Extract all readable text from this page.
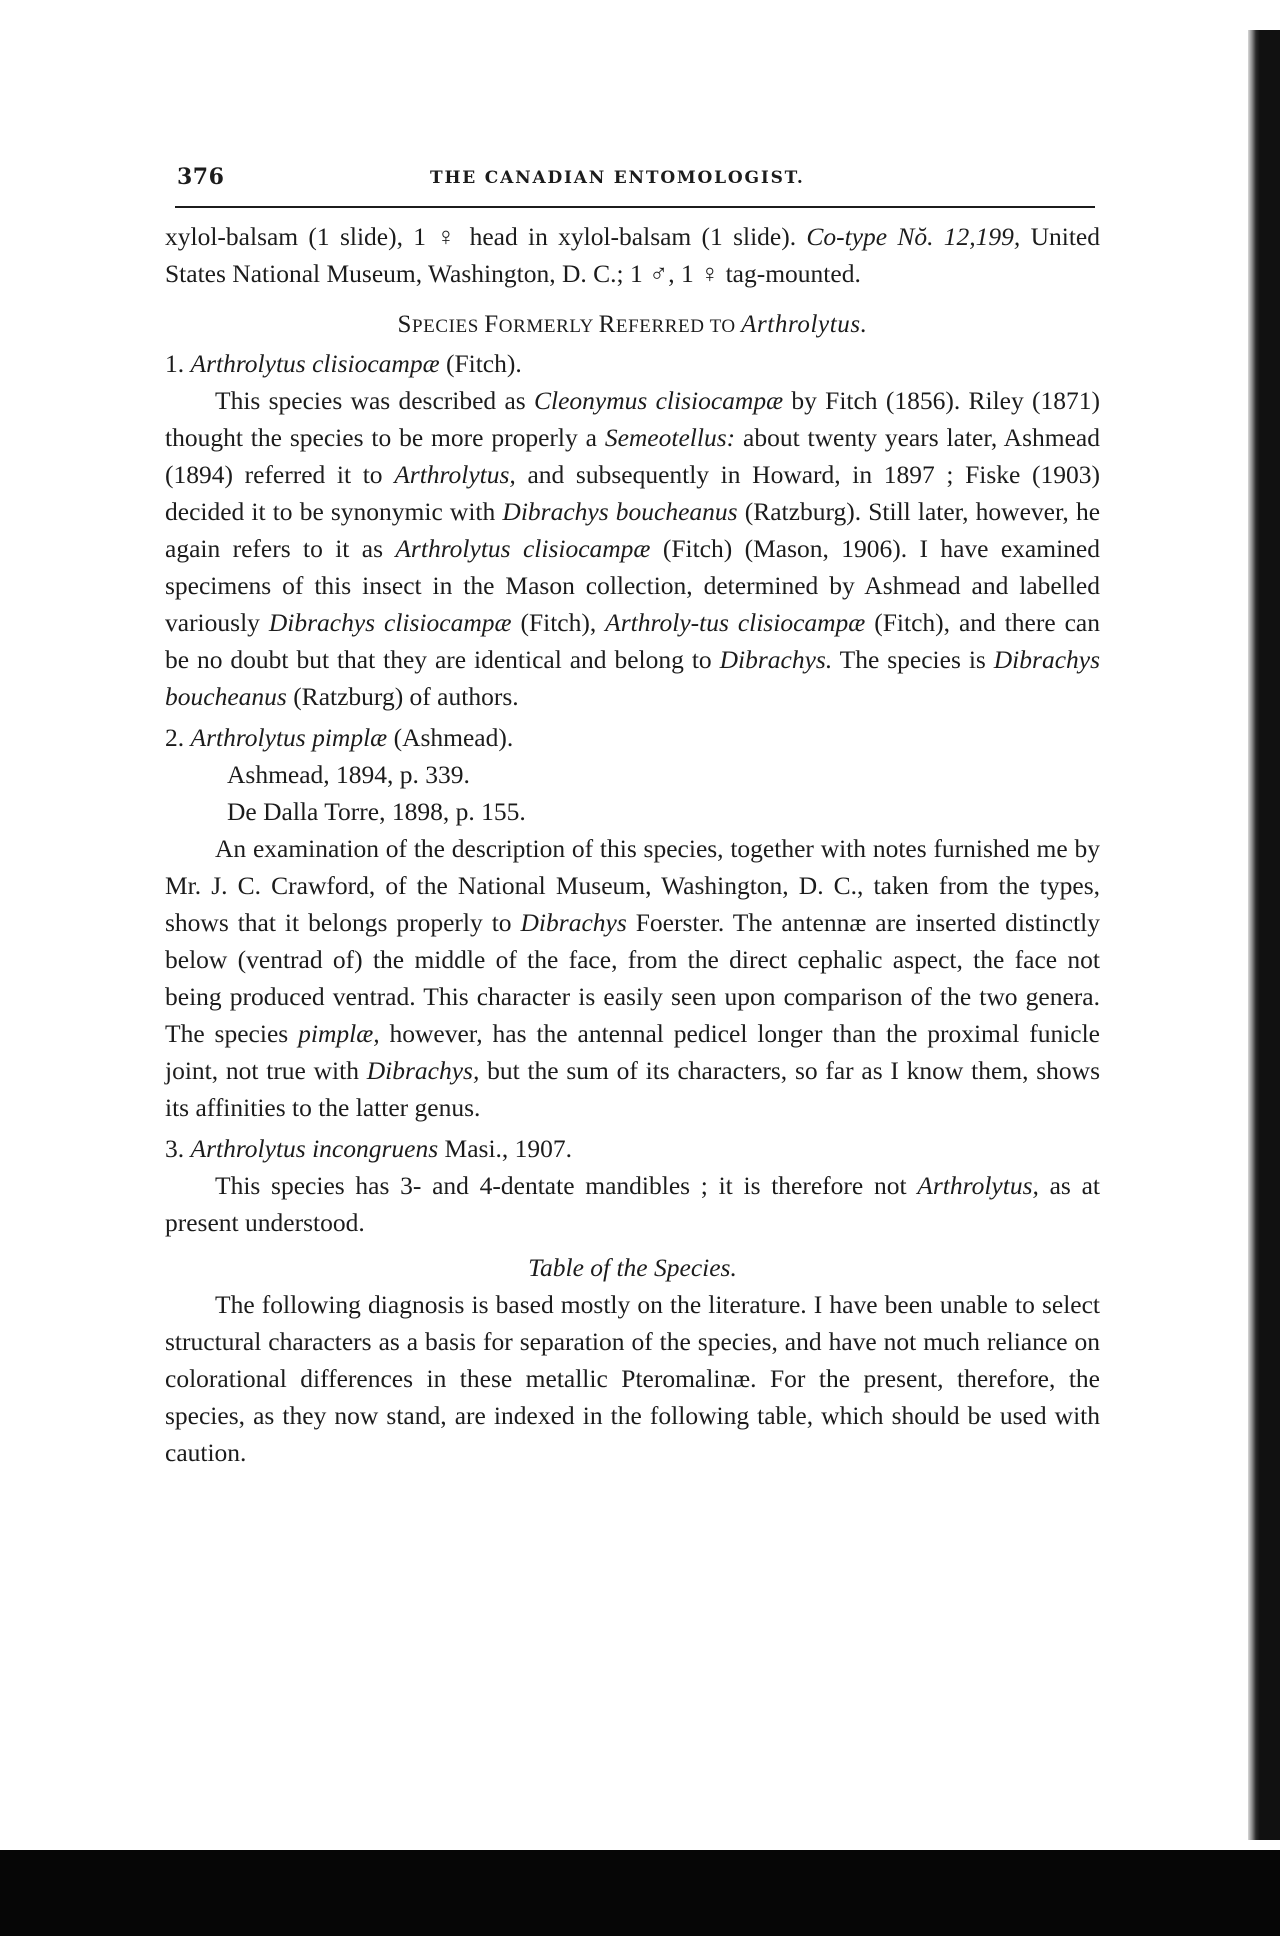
376	THE CANADIAN ENTOMOLOGIST.

xylol-balsam (1 slide), 1 ♀ head in xylol-balsam (1 slide). Co-type Nŏ. 12,199, United States National Museum, Washington, D. C.; 1 ♂, 1 ♀ tag-mounted.

SPECIES FORMERLY REFERRED TO Arthrolytus.

1. Arthrolytus clisiocampæ (Fitch).

This species was described as Cleonymus clisiocampæ by Fitch (1856). Riley (1871) thought the species to be more properly a Semeotellus: about twenty years later, Ashmead (1894) referred it to Arthrolytus, and subsequently in Howard, in 1897 ; Fiske (1903) decided it to be synonymic with Dibrachys boucheanus (Ratzburg). Still later, however, he again refers to it as Arthrolytus clisiocampæ (Fitch) (Mason, 1906). I have examined specimens of this insect in the Mason collection, determined by Ashmead and labelled variously Dibrachys clisiocampæ (Fitch), Arthroly-tus clisiocampæ (Fitch), and there can be no doubt but that they are identical and belong to Dibrachys. The species is Dibrachys boucheanus (Ratzburg) of authors.

2. Arthrolytus pimplæ (Ashmead).

Ashmead, 1894, p. 339.

De Dalla Torre, 1898, p. 155.

An examination of the description of this species, together with notes furnished me by Mr. J. C. Crawford, of the National Museum, Washington, D. C., taken from the types, shows that it belongs properly to Dibrachys Foerster. The antennæ are inserted distinctly below (ventrad of) the middle of the face, from the direct cephalic aspect, the face not being produced ventrad. This character is easily seen upon comparison of the two genera. The species pimplæ, however, has the antennal pedicel longer than the proximal funicle joint, not true with Dibrachys, but the sum of its characters, so far as I know them, shows its affinities to the latter genus.

3. Arthrolytus incongruens Masi., 1907.

This species has 3- and 4-dentate mandibles ; it is therefore not Arthrolytus, as at present understood.

Table of the Species.

The following diagnosis is based mostly on the literature. I have been unable to select structural characters as a basis for separation of the species, and have not much reliance on colorational differences in these metallic Pteromalinæ. For the present, therefore, the species, as they now stand, are indexed in the following table, which should be used with caution.
